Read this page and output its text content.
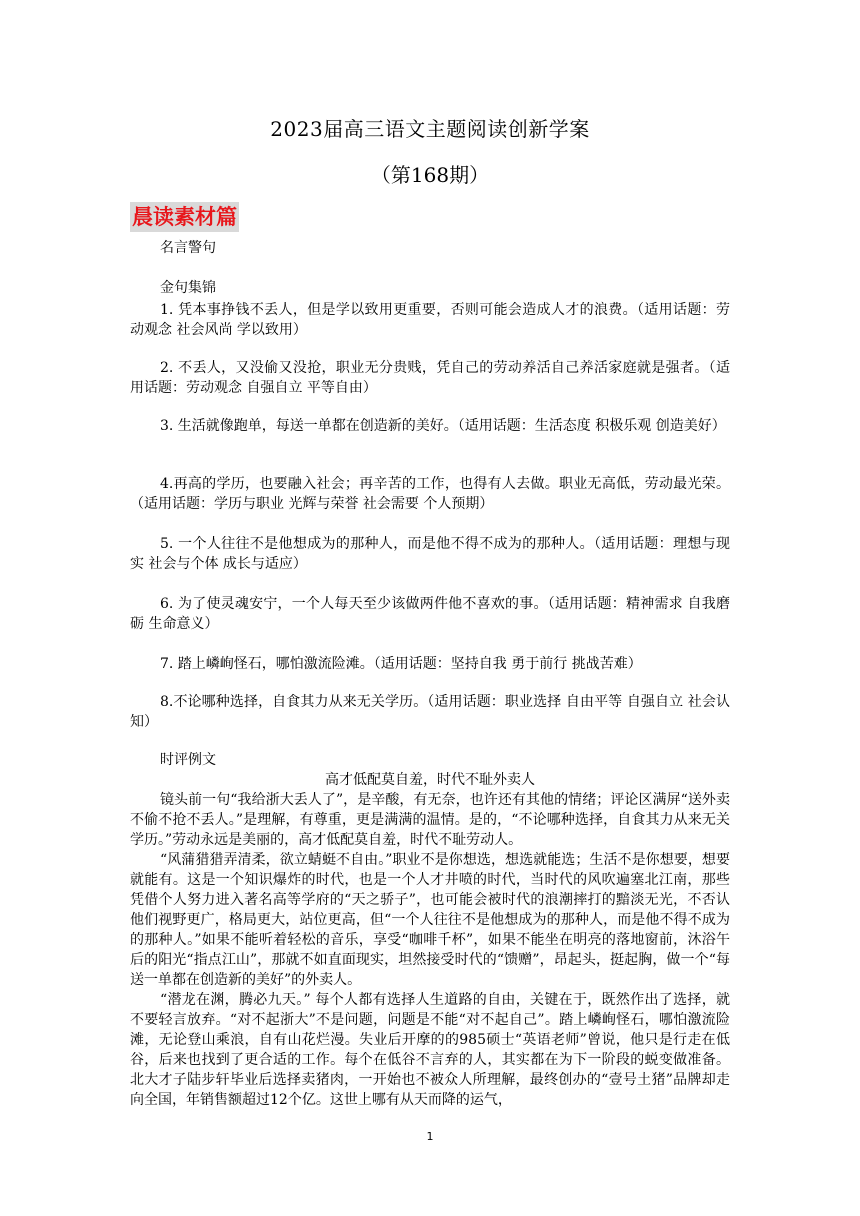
2023届高三语文主题阅读创新学案
（第168期）
晨读素材篇
名言警句
金句集锦
1. 凭本事挣钱不丢人，但是学以致用更重要，否则可能会造成人才的浪费。（适用话题：劳动观念 社会风尚 学以致用）
2. 不丢人，又没偷又没抢，职业无分贵贱，凭自己的劳动养活自己养活家庭就是强者。（适用话题：劳动观念 自强自立 平等自由）
3. 生活就像跑单，每送一单都在创造新的美好。（适用话题：生活态度 积极乐观 创造美好）
4.再高的学历，也要融入社会；再辛苦的工作，也得有人去做。职业无高低，劳动最光荣。（适用话题：学历与职业 光辉与荣誉 社会需要 个人预期）
5. 一个人往往不是他想成为的那种人，而是他不得不成为的那种人。（适用话题：理想与现实 社会与个体 成长与适应）
6. 为了使灵魂安宁，一个人每天至少该做两件他不喜欢的事。（适用话题：精神需求 自我磨砺 生命意义）
7. 踏上嶙峋怪石，哪怕激流险滩。（适用话题：坚持自我 勇于前行 挑战苦难）
8.不论哪种选择，自食其力从来无关学历。（适用话题：职业选择 自由平等 自强自立 社会认知）
时评例文
高才低配莫自羞，时代不耻外卖人
镜头前一句“我给浙大丢人了”，是辛酸，有无奈，也许还有其他的情绪；评论区满屏“送外卖不偷不抢不丢人。”是理解，有尊重，更是满满的温情。是的，“不论哪种选择，自食其力从来无关学历。”劳动永远是美丽的，高才低配莫自羞，时代不耻劳动人。
“风蒲猎猎弄清柔，欲立蜻蜓不自由。”职业不是你想选，想选就能选；生活不是你想要，想要就能有。这是一个知识爆炸的时代，也是一个人才井喷的时代，当时代的风吹遍塞北江南，那些凭借个人努力进入著名高等学府的“天之骄子”，也可能会被时代的浪潮摔打的黯淡无光，不否认他们视野更广，格局更大，站位更高，但“一个人往往不是他想成为的那种人，而是他不得不成为的那种人。”如果不能听着轻松的音乐，享受“咖啡千杯”，如果不能坐在明亮的落地窗前，沐浴午后的阳光“指点江山”，那就不如直面现实，坦然接受时代的“馈赠”，昂起头，挺起胸，做一个“每送一单都在创造新的美好”的外卖人。
“潜龙在渊，腾必九天。” 每个人都有选择人生道路的自由，关键在于，既然作出了选择，就不要轻言放弃。“对不起浙大”不是问题，问题是不能“对不起自己”。踏上嶙峋怪石，哪怕激流险滩，无论登山乘浪，自有山花烂漫。失业后开摩的的985硕士“英语老师”曾说，他只是行走在低谷，后来也找到了更合适的工作。每个在低谷不言弃的人，其实都在为下一阶段的蜕变做准备。北大才子陆步轩毕业后选择卖猪肉，一开始也不被众人所理解，最终创办的“壹号土猪”品牌却走向全国，年销售额超过12个亿。这世上哪有从天而降的运气，
1
